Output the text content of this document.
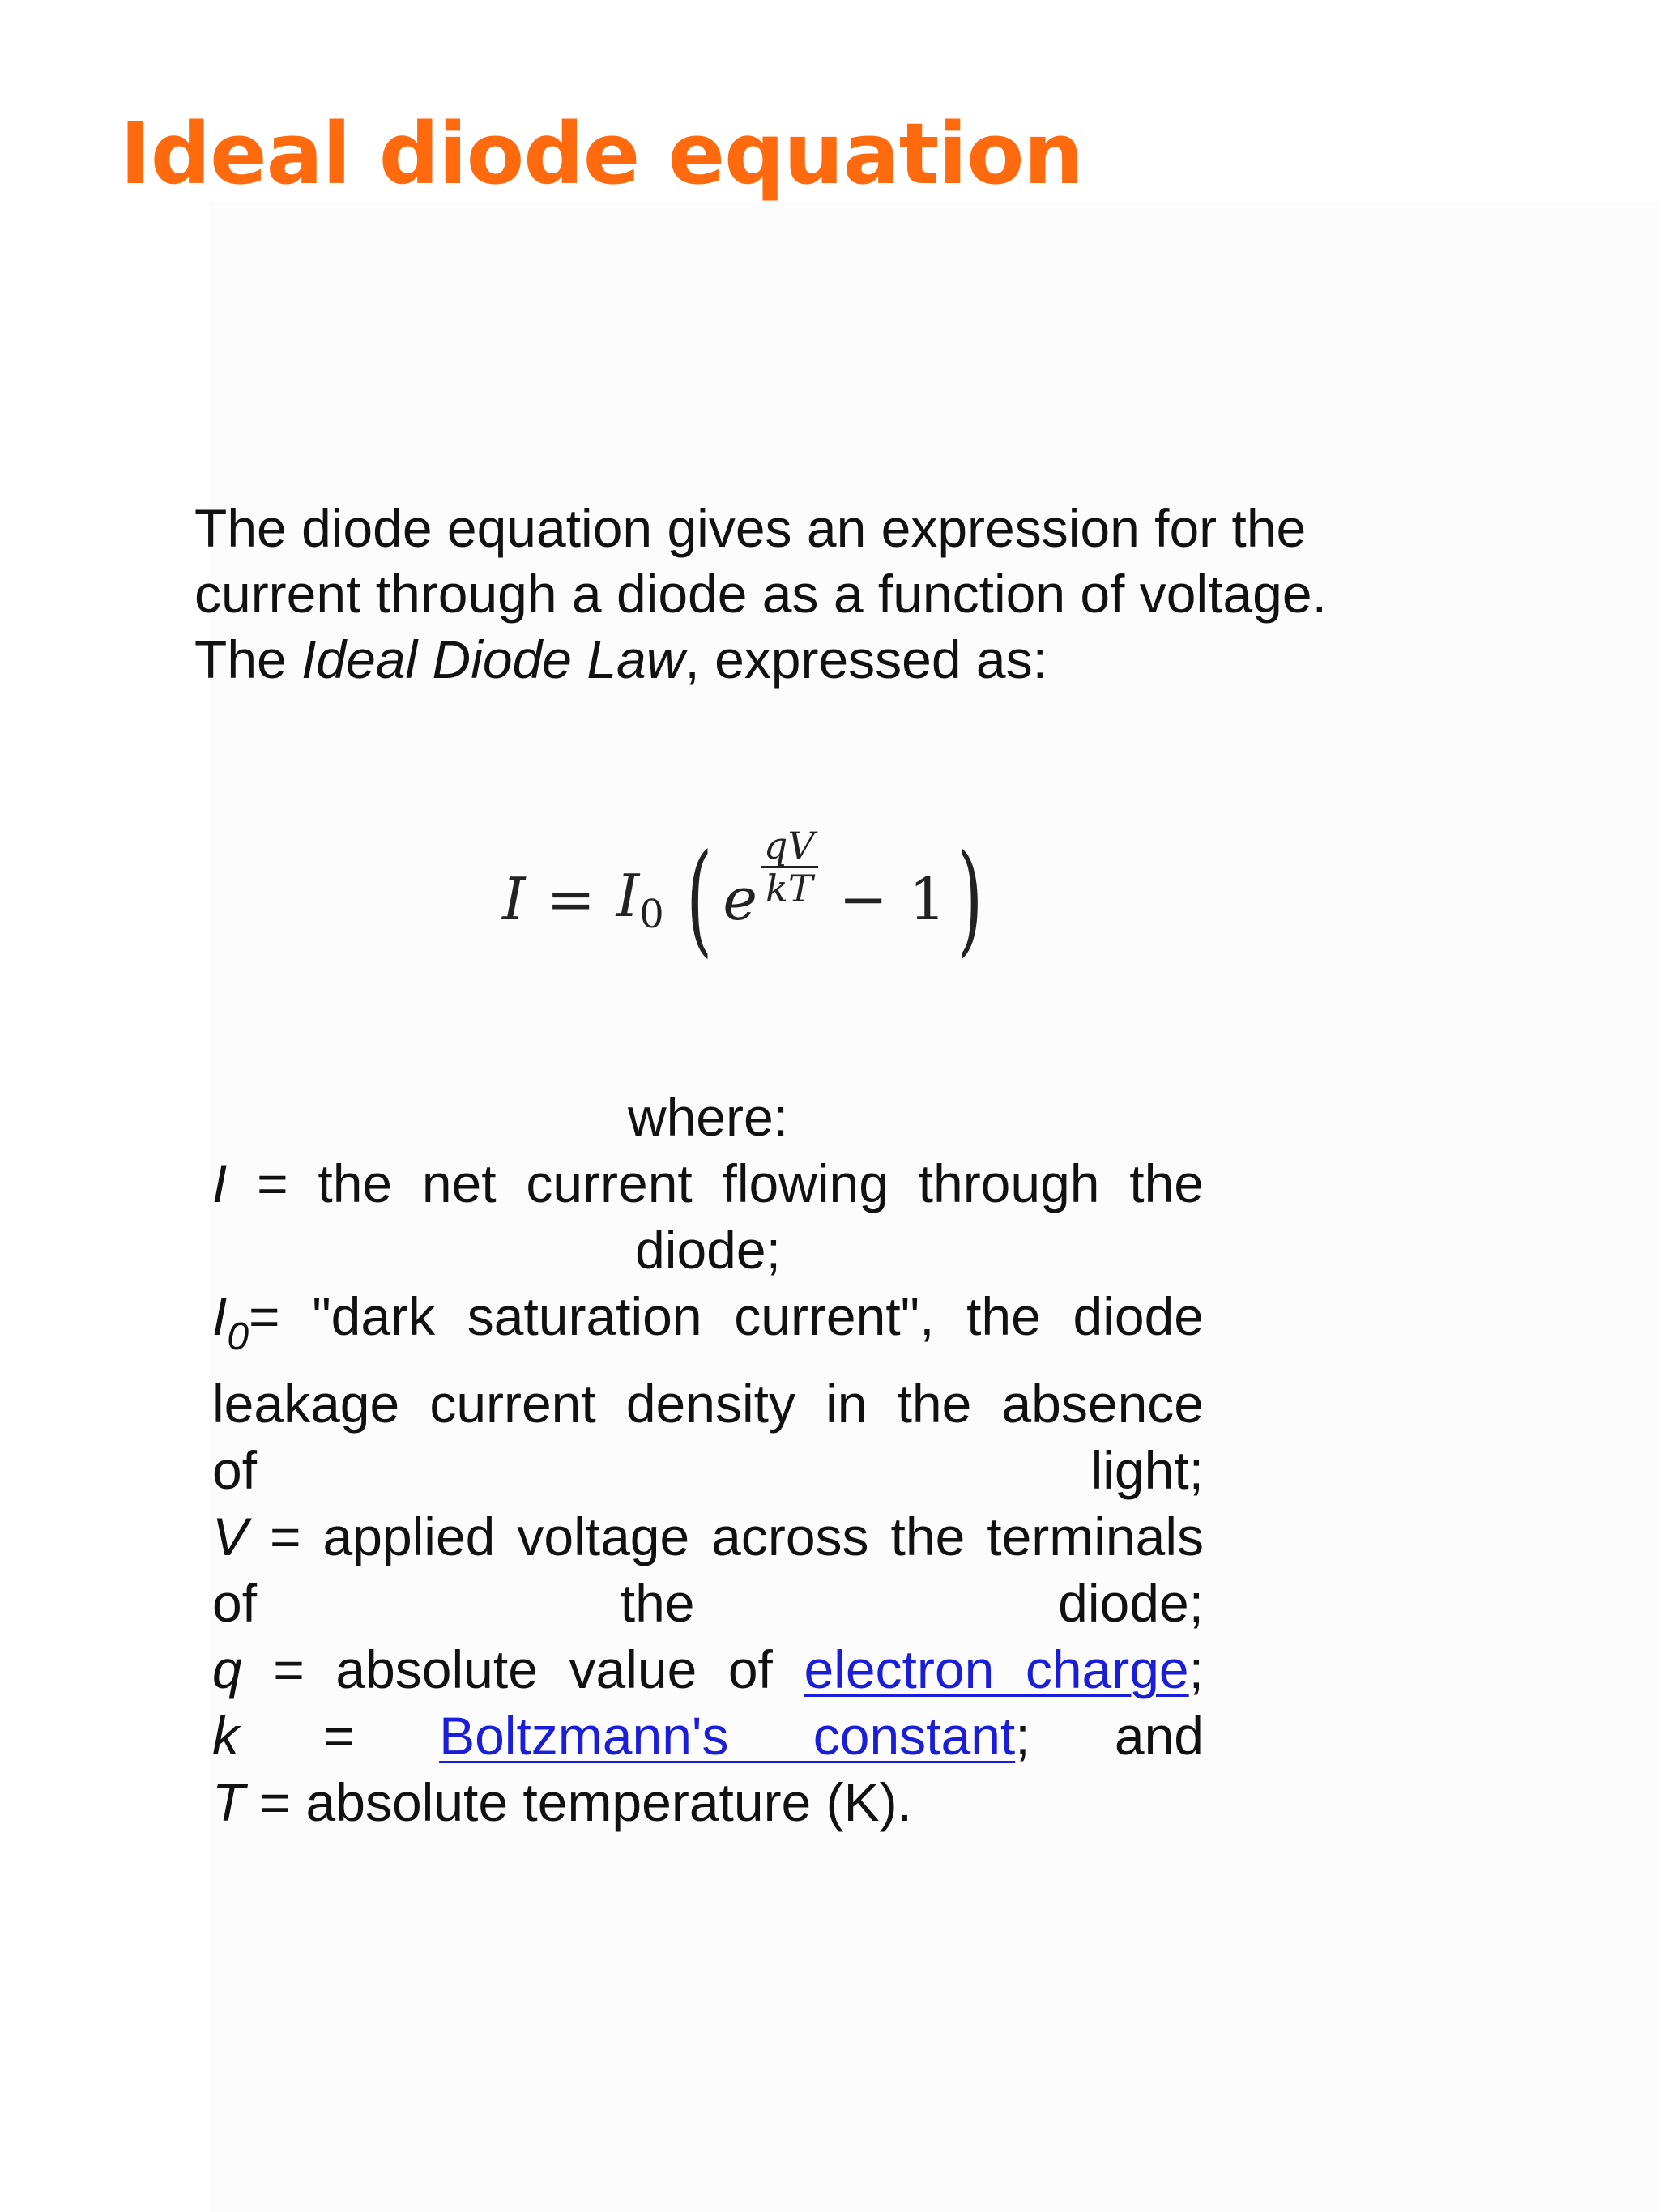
Ideal diode equation

The diode equation gives an expression for the

current through a diode as a function of voltage.

The Ideal Diode Law, expressed as:

$I = I_0$ ( e $\frac{qV}{kT} - 1$ )

where:

I = the net current flowing through the

diode;

$I_0=$ "dark saturation current", the diode

leakage current density in the absence

of	light;

V = applied voltage across the terminals

of	the	diode;

q = absolute value of electron charge;

k = Boltzmann's constant; and

T = absolute temperature (K).
